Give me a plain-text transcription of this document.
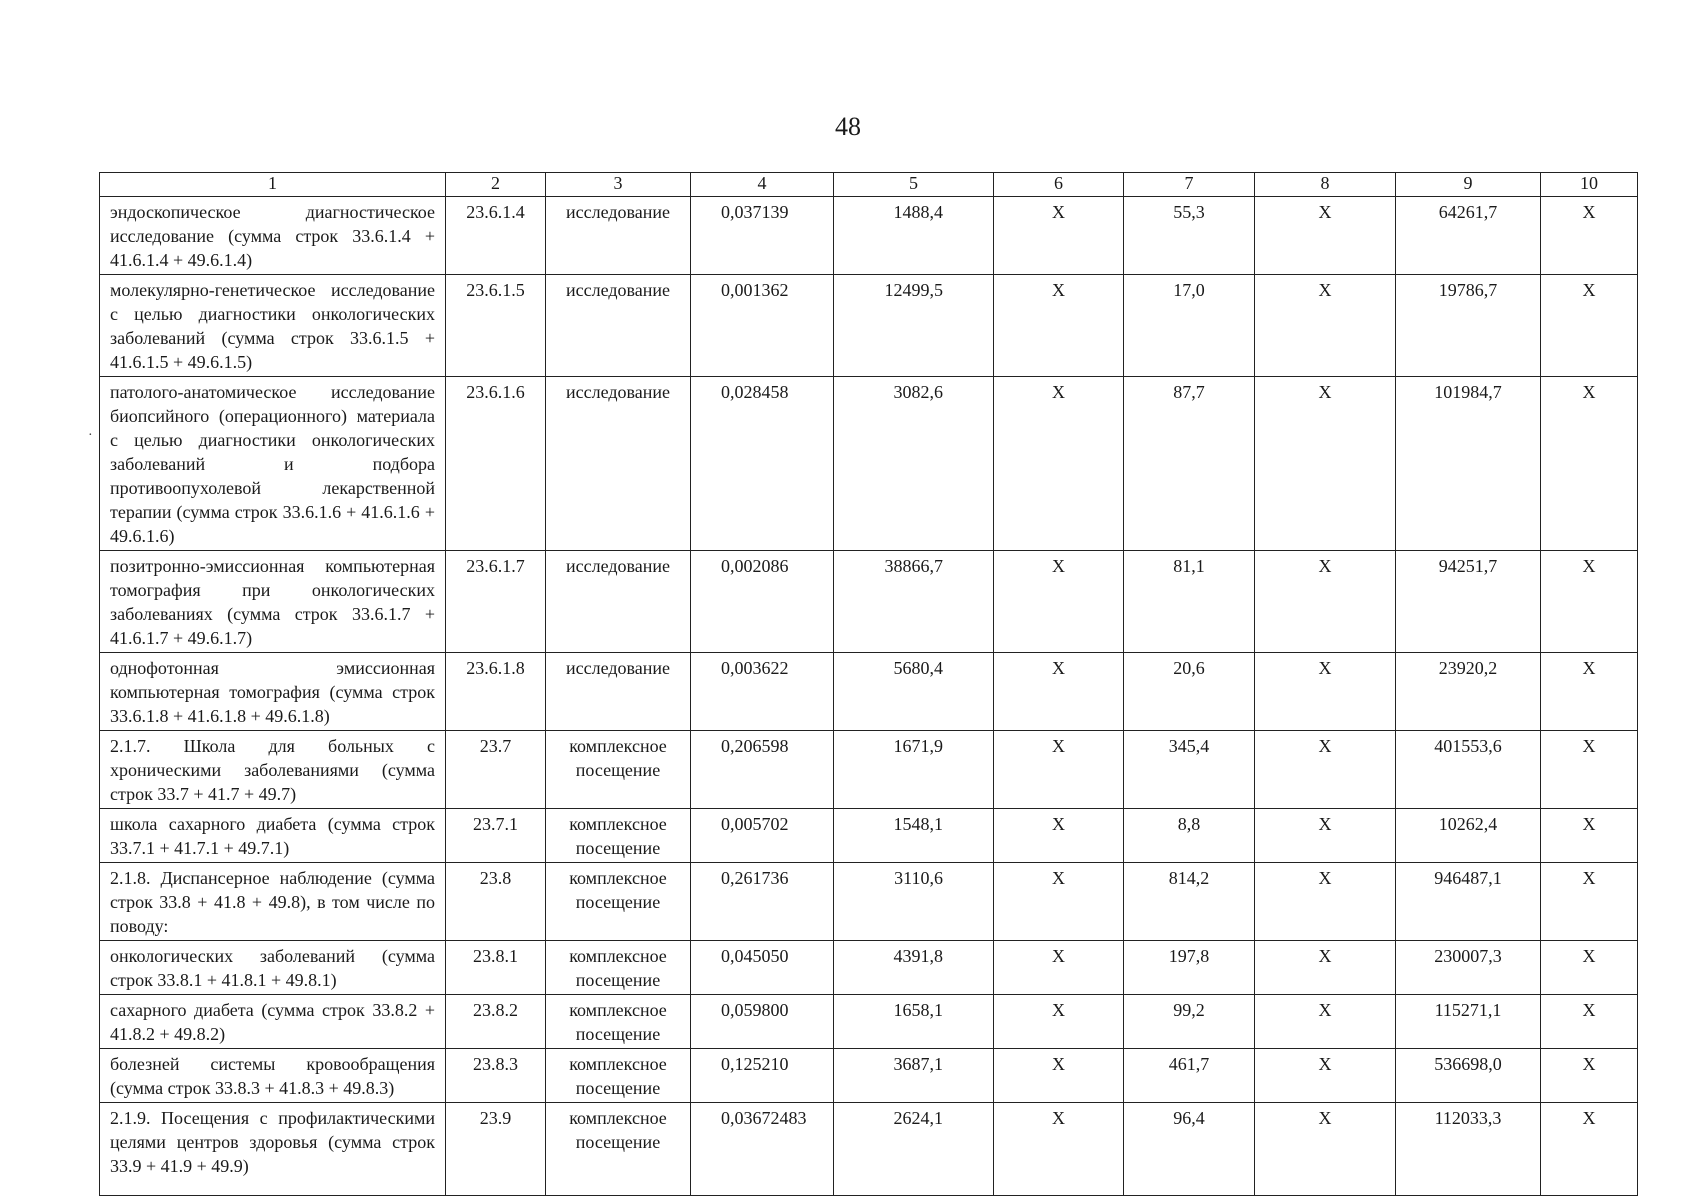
48
·
1	2	3	4	5	6	7	8	9	10
эндоскопическое диагностическое исследование (сумма строк 33.6.1.4 + 41.6.1.4 + 49.6.1.4)	23.6.1.4	исследование	0,037139	1488,4	X	55,3	X	64261,7	X
молекулярно-генетическое исследование с целью диагностики онкологических заболеваний (сумма строк 33.6.1.5 + 41.6.1.5 + 49.6.1.5)	23.6.1.5	исследование	0,001362	12499,5	X	17,0	X	19786,7	X
патолого-анатомическое исследование биопсийного (операционного) материала с целью диагностики онкологических заболеваний и подбора противоопухолевой лекарственной терапии (сумма строк 33.6.1.6 + 41.6.1.6 + 49.6.1.6)	23.6.1.6	исследование	0,028458	3082,6	X	87,7	X	101984,7	X
позитронно-эмиссионная компьютерная томография при онкологических заболеваниях (сумма строк 33.6.1.7 + 41.6.1.7 + 49.6.1.7)	23.6.1.7	исследование	0,002086	38866,7	X	81,1	X	94251,7	X
однофотонная эмиссионная компьютерная томография (сумма строк 33.6.1.8 + 41.6.1.8 + 49.6.1.8)	23.6.1.8	исследование	0,003622	5680,4	X	20,6	X	23920,2	X
2.1.7. Школа для больных с хроническими заболеваниями (сумма строк 33.7 + 41.7 + 49.7)	23.7	комплексное посещение	0,206598	1671,9	X	345,4	X	401553,6	X
школа сахарного диабета (сумма строк 33.7.1 + 41.7.1 + 49.7.1)	23.7.1	комплексное посещение	0,005702	1548,1	X	8,8	X	10262,4	X
2.1.8. Диспансерное наблюдение (сумма строк 33.8 + 41.8 + 49.8), в том числе по поводу:	23.8	комплексное посещение	0,261736	3110,6	X	814,2	X	946487,1	X
онкологических заболеваний (сумма строк 33.8.1 + 41.8.1 + 49.8.1)	23.8.1	комплексное посещение	0,045050	4391,8	X	197,8	X	230007,3	X
сахарного диабета (сумма строк 33.8.2 + 41.8.2 + 49.8.2)	23.8.2	комплексное посещение	0,059800	1658,1	X	99,2	X	115271,1	X
болезней системы кровообращения (сумма строк 33.8.3 + 41.8.3 + 49.8.3)	23.8.3	комплексное посещение	0,125210	3687,1	X	461,7	X	536698,0	X
2.1.9. Посещения с профилактическими целями центров здоровья (сумма строк 33.9 + 41.9 + 49.9)	23.9	комплексное посещение	0,03672483	2624,1	X	96,4	X	112033,3	X
